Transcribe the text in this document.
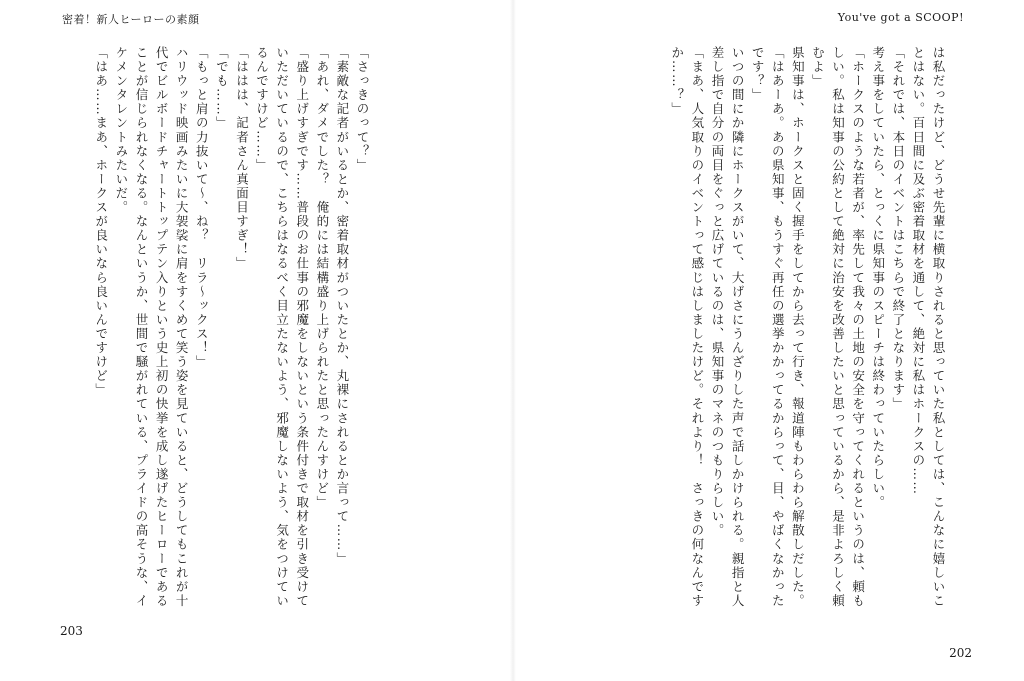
密着！新人ヒーローの素顔	You've got a SCOOP!

は私だったけど、どうせ先輩に横取りされると思っていた私としては、こんなに嬉しいことはない。百日間に及ぶ密着取材を通して、絶対に私はホークスの……

「それでは、本日のイベントはこちらで終了となります」

考え事をしていたら、とっくに県知事のスピーチは終わっていたらしい。

「ホークスのような若者が、率先して我々の土地の安全を守ってくれるというのは、頼もしい。私は知事の公約として絶対に治安を改善したいと思っているから、是非よろしく頼むよ」

県知事は、ホークスと固く握手をしてから去って行き、報道陣もわらわら解散しだした。

「はあーあ。あの県知事、もうすぐ再任の選挙かかってるからって、目、やばくなかったです？」

いつの間にか隣にホークスがいて、大げさにうんざりした声で話しかけられる。親指と人差し指で自分の両目をぐっと広げているのは、県知事のマネのつもりらしい。

「まあ、人気取りのイベントって感じはしましたけど。それより！　さっきの何なんですか……？」

「さっきのって？」

「素敵な記者がいるとか、密着取材がついたとか、丸裸にされるとか言って……」

「あれ、ダメでした？　俺的には結構盛り上げられたと思ったんすけど」

「盛り上げすぎです……普段のお仕事の邪魔をしないという条件付きで取材を引き受けていただいているので、こちらはなるべく目立たないよう、邪魔しないよう、気をつけているんですけど……」

「ははは、記者さん真面目すぎ！」

「でも……」

「もっと肩の力抜いて～、ね？　リラ～ックス！」

ハリウッド映画みたいに大袈裟に肩をすくめて笑う姿を見ていると、どうしてもこれが十代でビルボードチャートトップテン入りという史上初の快挙を成し遂げたヒーローであることが信じられなくなる。なんというか、世間で騒がれている、プライドの高そうな、イケメンタレントみたいだ。

「はあ……まあ、ホークスが良いなら良いんですけど」

203
202
